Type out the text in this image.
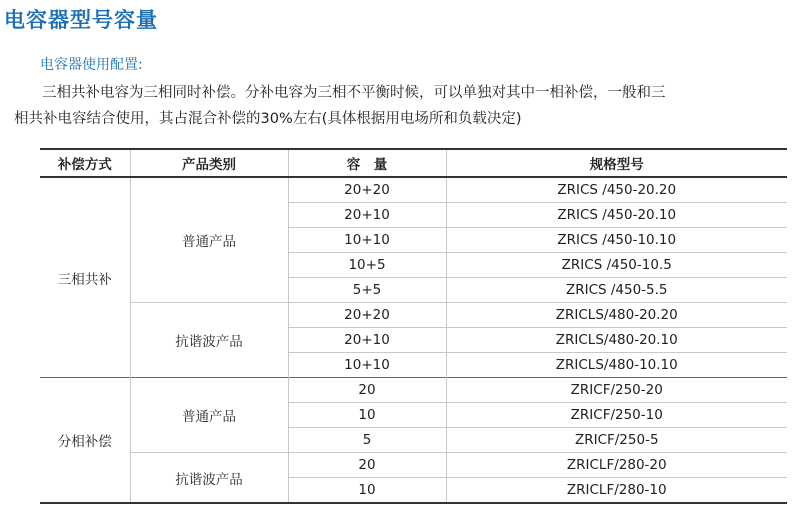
电容器型号容量
电容器使用配置:

三相共补电容为三相同时补偿。分补电容为三相不平衡时候，可以单独对其中一相补偿，一般和三
相共补电容结合使用，其占混合补偿的30%左右(具体根据用电场所和负载决定)

补偿方式	产品类别	容　量	规格型号
三相共补	普通产品	20+20	ZRICS /450-20.20
		20+10	ZRICS /450-20.10
		10+10	ZRICS /450-10.10
		10+5	ZRICS /450-10.5
		5+5	ZRICS /450-5.5
	抗谐波产品	20+20	ZRICLS/480-20.20
		20+10	ZRICLS/480-20.10
		10+10	ZRICLS/480-10.10
分相补偿	普通产品	20	ZRICF/250-20
		10	ZRICF/250-10
		5	ZRICF/250-5
	抗谐波产品	20	ZRICLF/280-20
		10	ZRICLF/280-10
